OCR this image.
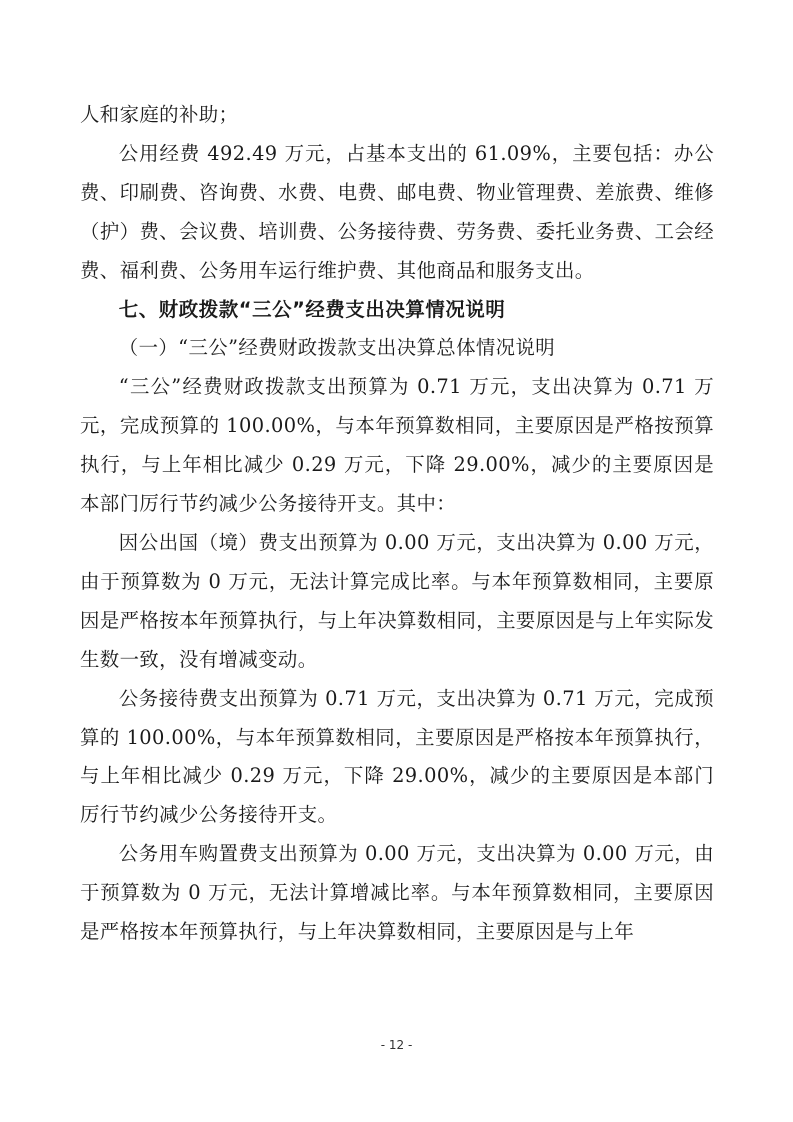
人和家庭的补助；

公用经费 492.49 万元，占基本支出的 61.09%，主要包括：办公费、印刷费、咨询费、水费、电费、邮电费、物业管理费、差旅费、维修（护）费、会议费、培训费、公务接待费、劳务费、委托业务费、工会经费、福利费、公务用车运行维护费、其他商品和服务支出。

七、财政拨款“三公”经费支出决算情况说明

（一）“三公”经费财政拨款支出决算总体情况说明

“三公”经费财政拨款支出预算为 0.71 万元，支出决算为 0.71 万元，完成预算的 100.00%，与本年预算数相同，主要原因是严格按预算执行，与上年相比减少 0.29 万元，下降 29.00%，减少的主要原因是本部门厉行节约减少公务接待开支。其中：

因公出国（境）费支出预算为 0.00 万元，支出决算为 0.00 万元，由于预算数为 0 万元，无法计算完成比率。与本年预算数相同，主要原因是严格按本年预算执行，与上年决算数相同，主要原因是与上年实际发生数一致，没有增减变动。

公务接待费支出预算为 0.71 万元，支出决算为 0.71 万元，完成预算的 100.00%，与本年预算数相同，主要原因是严格按本年预算执行，与上年相比减少 0.29 万元，下降 29.00%，减少的主要原因是本部门厉行节约减少公务接待开支。

公务用车购置费支出预算为 0.00 万元，支出决算为 0.00 万元，由于预算数为 0 万元，无法计算增减比率。与本年预算数相同，主要原因是严格按本年预算执行，与上年决算数相同，主要原因是与上年

- 12 -
